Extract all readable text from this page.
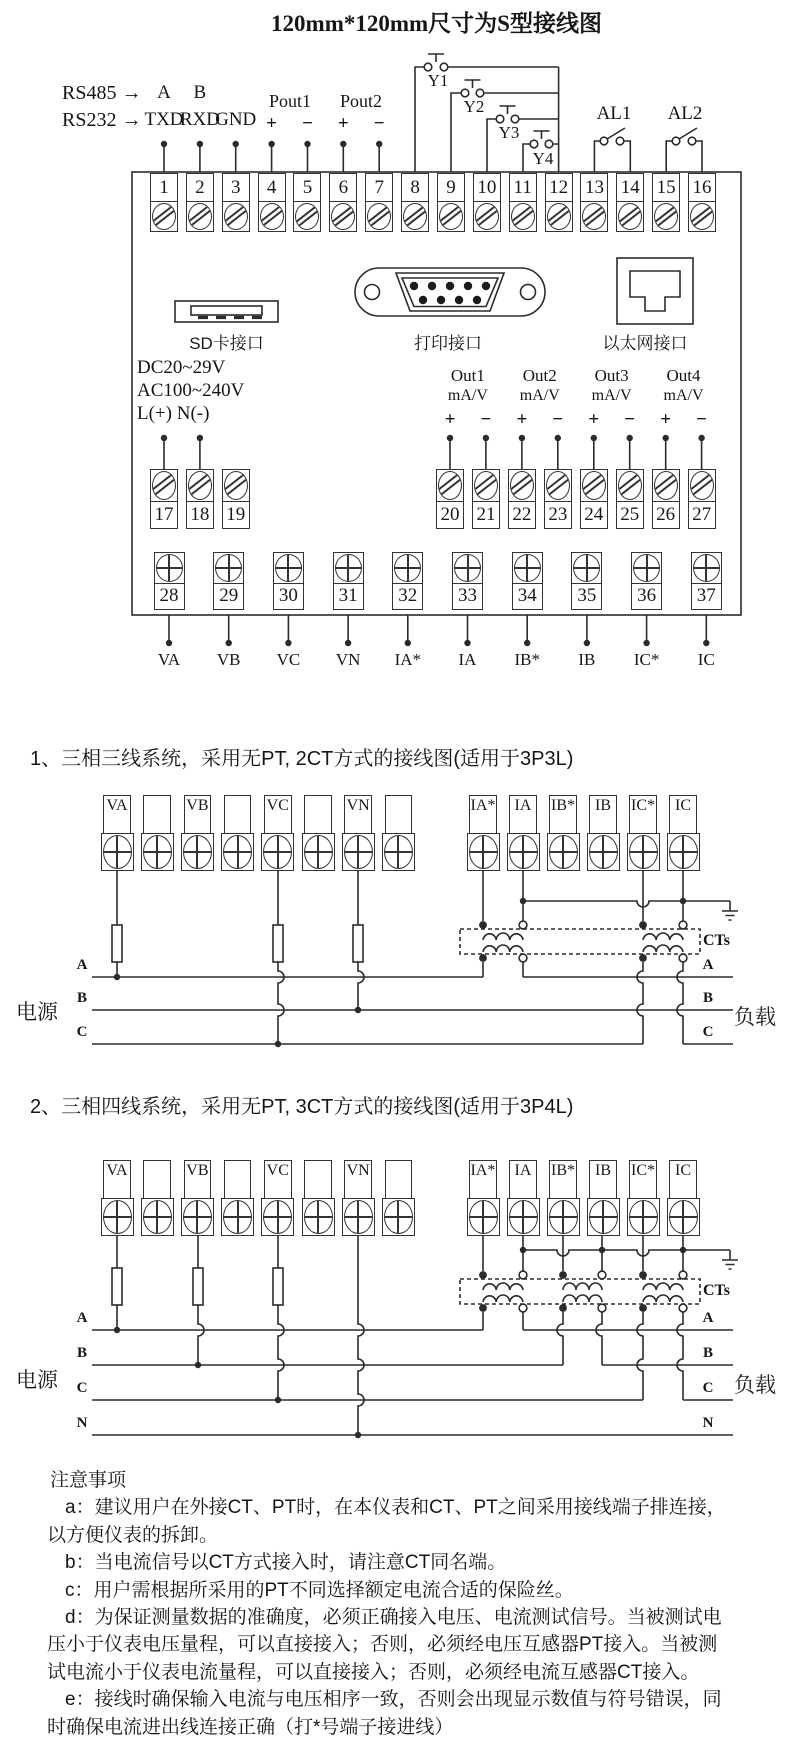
120mm*120mm尺寸为S型接线图
RS485 →
RS232 →
Pout1 Pout2
Y1
Y2
Y3
Y4
AL1	AL2
SD卡接口	打印接口	以太网接口
DC20~29V
AC100~240V
L(+) N(-)
1、三相三线系统，采用无PT, 2CT方式的接线图(适用于3P3L)
2、三相四线系统，采用无PT, 3CT方式的接线图(适用于3P4L)
电源	负载
CTs
电源	负载
CTs
注意事项
a：建议用户在外接CT、PT时，在本仪表和CT、PT之间采用接线端子排连接，
以方便仪表的拆卸。
b：当电流信号以CT方式接入时，请注意CT同名端。
c：用户需根据所采用的PT不同选择额定电流合适的保险丝。
d：为保证测量数据的准确度，必须正确接入电压、电流测试信号。当被测试电
压小于仪表电压量程，可以直接接入；否则，必须经电压互感器PT接入。当被测
试电流小于仪表电流量程，可以直接接入；否则，必须经电流互感器CT接入。
e：接线时确保输入电流与电压相序一致，否则会出现显示数值与符号错误，同
时确保电流进出线连接正确（打*号端子接进线）
1	2	3	4	5	6	7	8	9	10 11 12 13 14 15 16
17 18 19	20 21 22 23 24 25 26 27
28	29	30	31	32	33	34	35	36	37
VA	VB	VC	VN	IA*	IA	IB*	IB	IC*	IC
VA	VB	VC	VN	IA*	IA	IB*	IB	IC*	IC
A	B
TXD
RXD
GND +	−	+	−
Out1
mA/V
Out2
mA/V
Out3
mA/V
Out4
mA/V
+	−	+	−	+	−	+	−
VA	VB	VC	VN	IA*	IA	IB*	IB	IC*	IC
A
B
C
A
B
C
A
B
C
N
A
B
C
N
